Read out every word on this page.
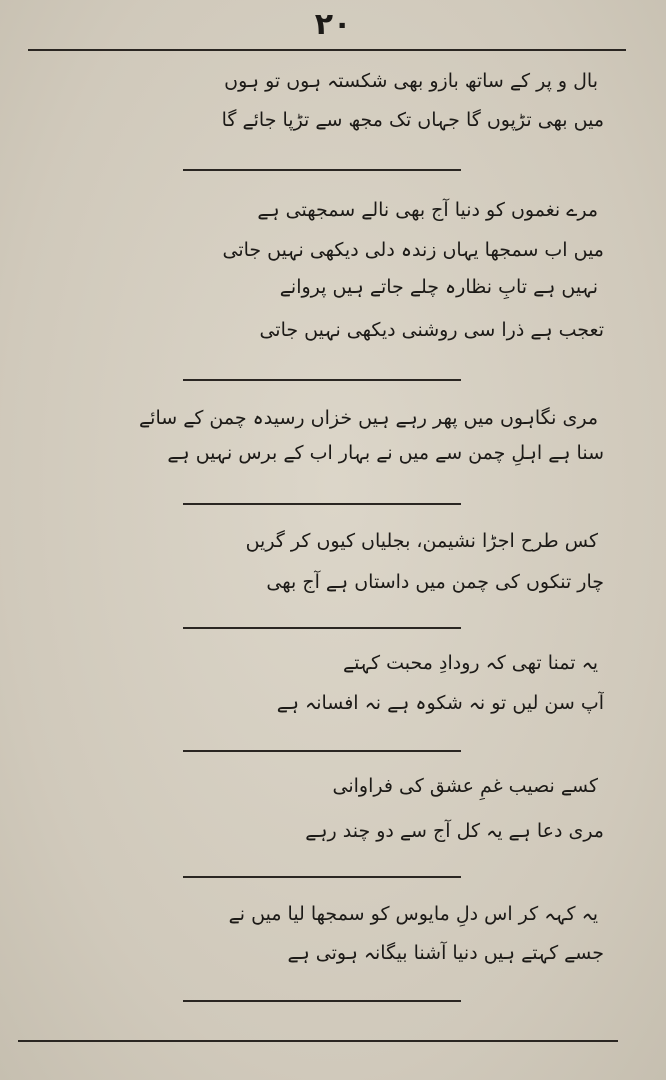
۲۰
بال و پر کے ساتھ بازو بھی شکستہ ہوں تو ہوں
میں بھی تڑپوں گا جہاں تک مجھ سے تڑپا جائے گا
مرے نغموں کو دنیا آج بھی نالے سمجھتی ہے
میں اب سمجھا یہاں زندہ دلی دیکھی نہیں جاتی
نہیں ہے تابِ نظارہ چلے جاتے ہیں پروانے
تعجب ہے ذرا سی روشنی دیکھی نہیں جاتی
مری نگاہوں میں پھر رہے ہیں خزاں رسیدہ چمن کے سائے
سنا ہے اہلِ چمن سے میں نے بہار اب کے برس نہیں ہے
کس طرح اجڑا نشیمن، بجلیاں کیوں کر گریں
چار تنکوں کی چمن میں داستاں ہے آج بھی
یہ تمنا تھی کہ رودادِ محبت کہتے
آپ سن لیں تو نہ شکوہ ہے نہ افسانہ ہے
کسے نصیب غمِ عشق کی فراوانی
مری دعا ہے یہ کل آج سے دو چند رہے
یہ کہہ کر اس دلِ مایوس کو سمجھا لیا میں نے
جسے کہتے ہیں دنیا آشنا بیگانہ ہوتی ہے
